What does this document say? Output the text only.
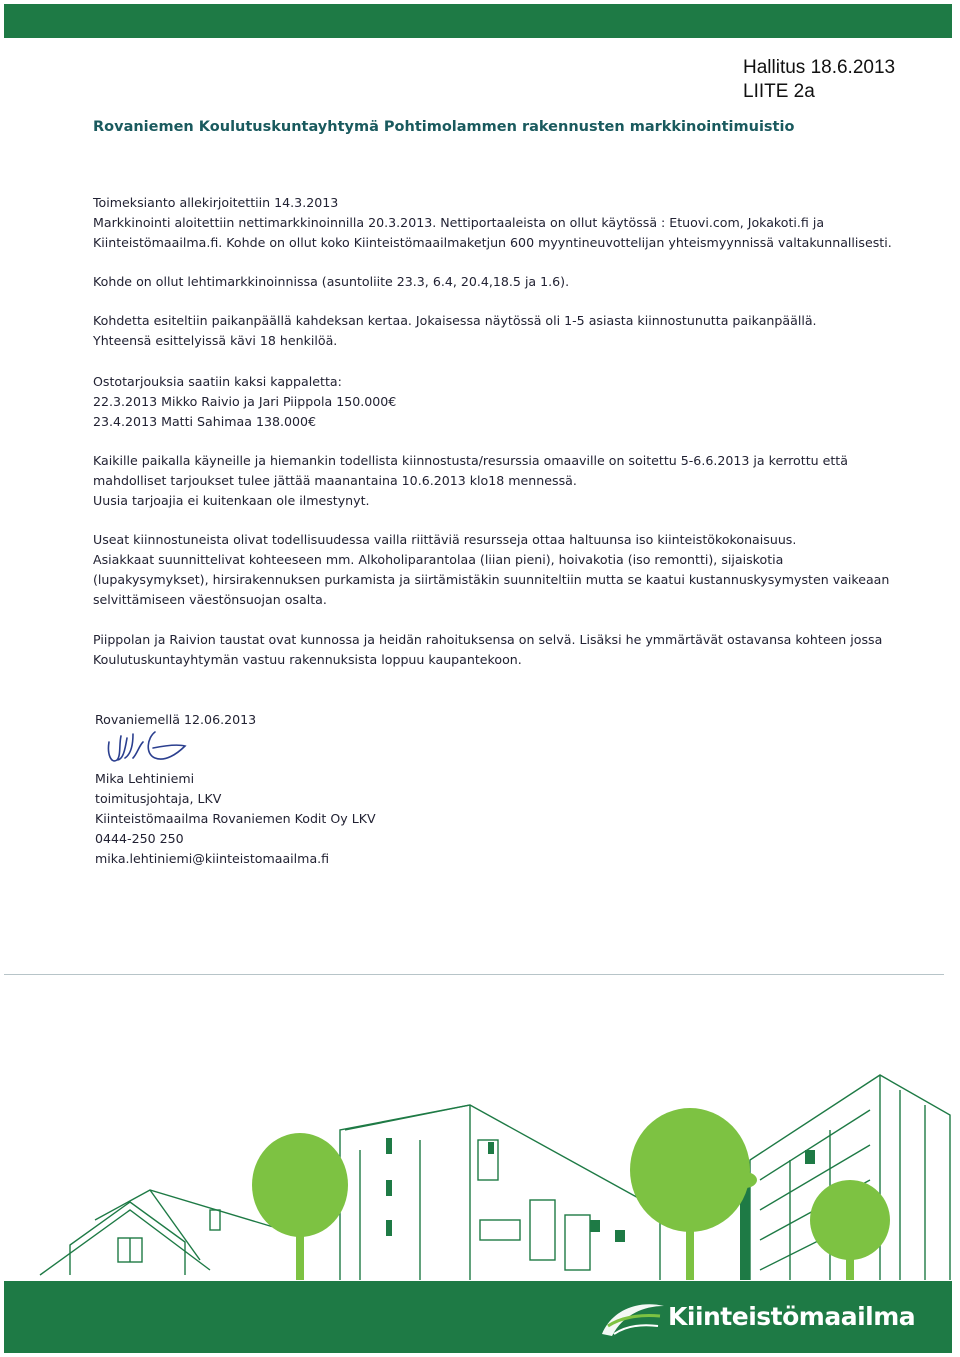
Hallitus 18.6.2013
LIITE 2a
Rovaniemen Koulutuskuntayhtymä Pohtimolammen rakennusten markkinointimuistio
Toimeksianto allekirjoitettiin 14.3.2013
Markkinointi aloitettiin nettimarkkinoinnilla 20.3.2013. Nettiportaaleista on ollut käytössä : Etuovi.com, Jokakoti.fi ja
Kiinteistömaailma.fi. Kohde on ollut koko Kiinteistömaailmaketjun 600 myyntineuvottelijan yhteismyynnissä valtakunnallisesti.
Kohde on ollut lehtimarkkinoinnissa (asuntoliite 23.3, 6.4, 20.4,18.5 ja 1.6).
Kohdetta esiteltiin paikanpäällä kahdeksan kertaa. Jokaisessa näytössä oli 1-5 asiasta kiinnostunutta paikanpäällä.
Yhteensä esittelyissä kävi 18 henkilöä.
Ostotarjouksia saatiin kaksi kappaletta:
22.3.2013 Mikko Raivio ja Jari Piippola 150.000€
23.4.2013 Matti Sahimaa 138.000€
Kaikille paikalla käyneille ja hiemankin todellista kiinnostusta/resurssia omaaville on soitettu 5-6.6.2013 ja kerrottu että
mahdolliset tarjoukset tulee jättää maanantaina 10.6.2013 klo18 mennessä.
Uusia tarjoajia ei kuitenkaan ole ilmestynyt.
Useat kiinnostuneista olivat todellisuudessa vailla riittäviä resursseja ottaa haltuunsa iso kiinteistökokonaisuus.
Asiakkaat suunnittelivat kohteeseen mm. Alkoholiparantolaa (liian pieni), hoivakotia (iso remontti), sijaiskotia
(lupakysymykset), hirsirakennuksen purkamista ja siirtämistäkin suunniteltiin mutta se kaatui kustannuskysymysten vaikeaan
selvittämiseen väestönsuojan osalta.
Piippolan ja Raivion taustat ovat kunnossa ja heidän rahoituksensa on selvä. Lisäksi he ymmärtävät ostavansa kohteen jossa
Koulutuskuntayhtymän vastuu rakennuksista loppuu kaupantekoon.
Rovaniemellä 12.06.2013
Mika Lehtiniemi
toimitusjohtaja, LKV
Kiinteistömaailma Rovaniemen Kodit Oy LKV
0444-250 250
mika.lehtiniemi@kiinteistomaailma.fi
Kiinteistömaailma
